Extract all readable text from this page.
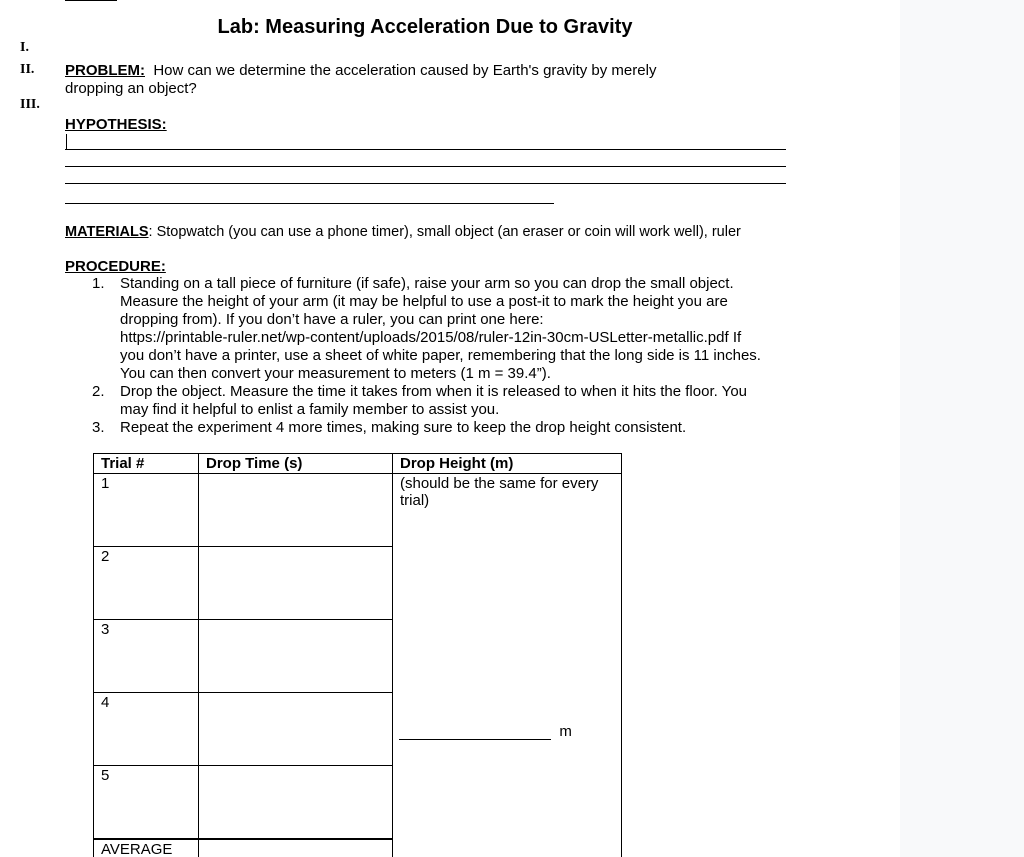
Lab: Measuring Acceleration Due to Gravity
I.
II.
III.
PROBLEM: How can we determine the acceleration caused by Earth's gravity by merely
dropping an object?
HYPOTHESIS:
MATERIALS: Stopwatch (you can use a phone timer), small object (an eraser or coin will work well), ruler
PROCEDURE:
1. Standing on a tall piece of furniture (if safe), raise your arm so you can drop the small object.
Measure the height of your arm (it may be helpful to use a post-it to mark the height you are
dropping from). If you don’t have a ruler, you can print one here:
https://printable-ruler.net/wp-content/uploads/2015/08/ruler-12in-30cm-USLetter-metallic.pdf If
you don’t have a printer, use a sheet of white paper, remembering that the long side is 11 inches.
You can then convert your measurement to meters (1 m = 39.4”).
2. Drop the object. Measure the time it takes from when it is released to when it hits the floor. You
may find it helpful to enlist a family member to assist you.
3. Repeat the experiment 4 more times, making sure to keep the drop height consistent.
Trial #	Drop Time (s)	Drop Height (m)
1		(should be the same for every
trial)
m

2		
3		
4		
5		
AVERAGE		
